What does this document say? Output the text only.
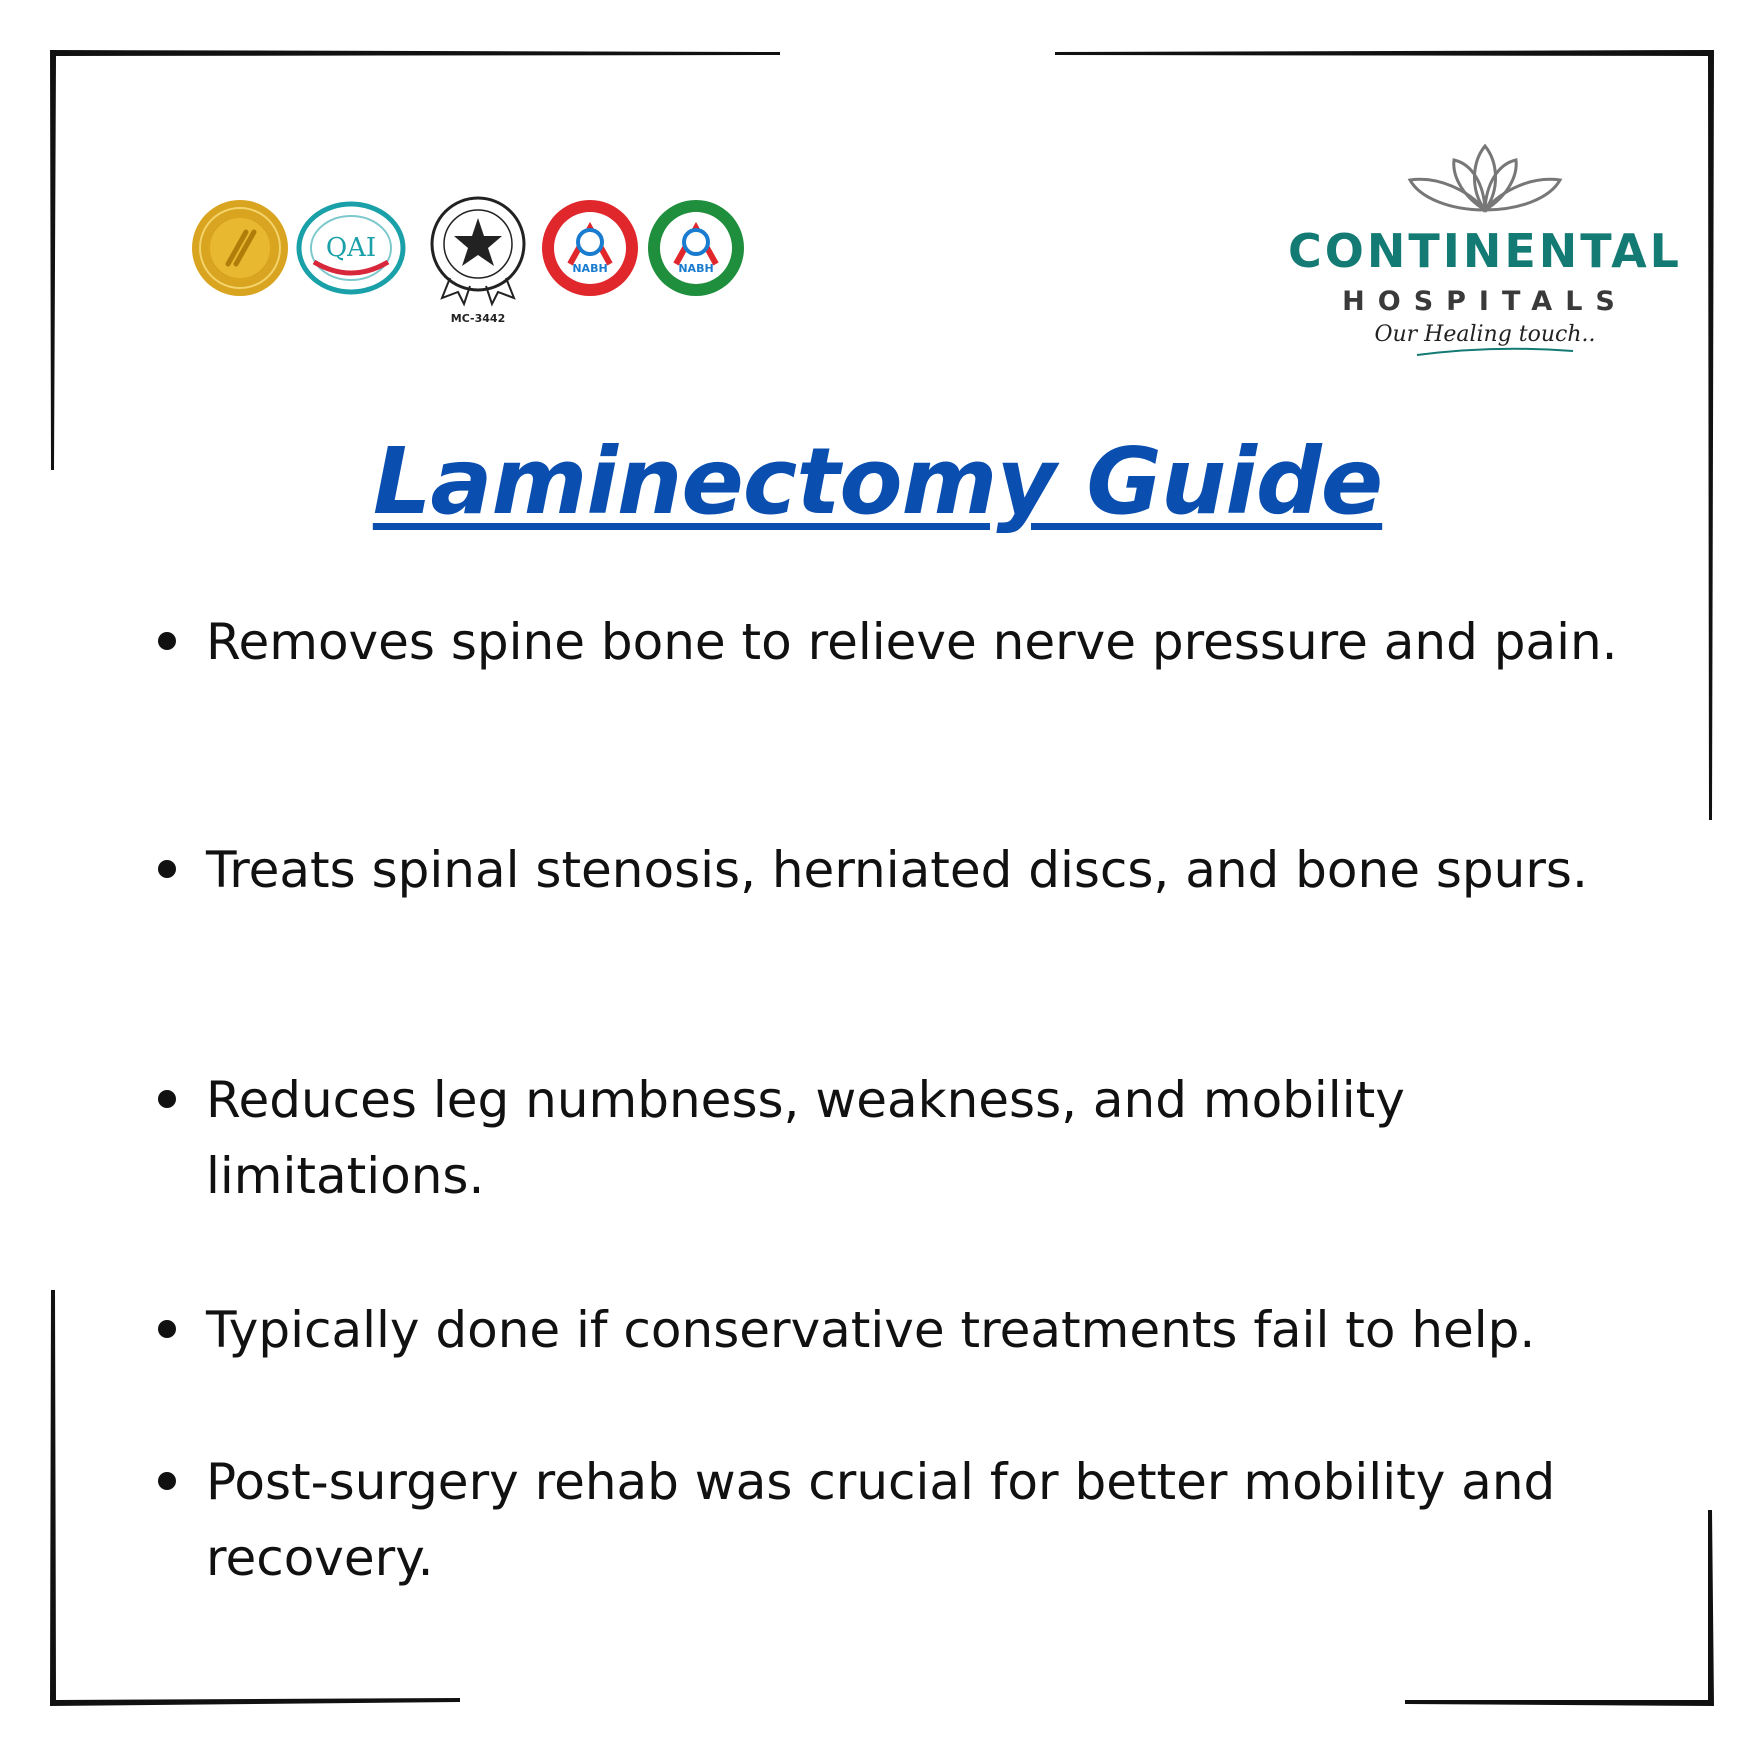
QAI
MC-3442
NABH	NABH	CONTINENTAL
HOSPITALS
Our Healing touch..
Laminectomy Guide
Removes spine bone to relieve nerve pressure and pain.
Treats spinal stenosis, herniated discs, and bone spurs.
Reduces leg numbness, weakness, and mobility limitations.
Typically done if conservative treatments fail to help.
Post-surgery rehab was crucial for better mobility and recovery.
